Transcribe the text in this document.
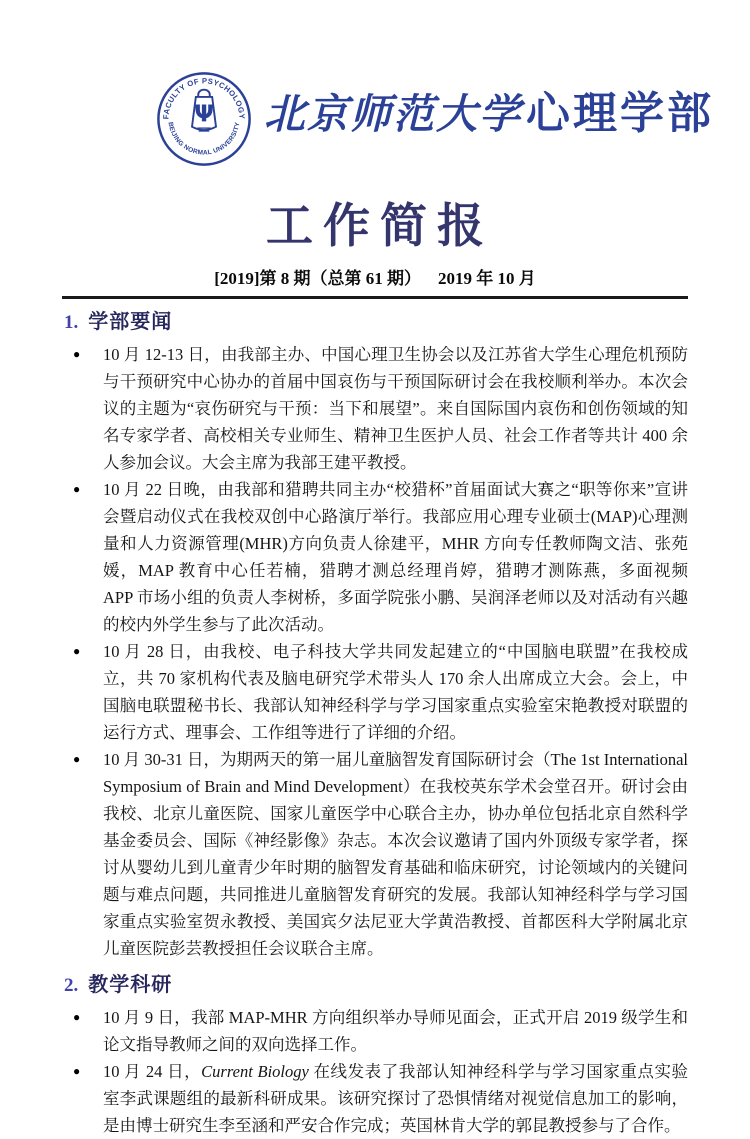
FACULTY OF PSYCHOLOGY
BEIJING NORMAL UNIVERSITY
Ψ 北京师范大学 心理学部
工作简报
[2019]第 8 期（总第 61 期）    2019 年 10 月
1. 学部要闻
● 10 月 12-13 日，由我部主办、中国心理卫生协会以及江苏省大学生心理危机预防与干预研究中心协办的首届中国哀伤与干预国际研讨会在我校顺利举办。本次会议的主题为“哀伤研究与干预：当下和展望”。来自国际国内哀伤和创伤领域的知名专家学者、高校相关专业师生、精神卫生医护人员、社会工作者等共计 400 余人参加会议。大会主席为我部王建平教授。
● 10 月 22 日晚，由我部和猎聘共同主办“校猎杯”首届面试大赛之“职等你来”宣讲会暨启动仪式在我校双创中心路演厅举行。我部应用心理专业硕士(MAP)心理测量和人力资源管理(MHR)方向负责人徐建平，MHR 方向专任教师陶文洁、张苑媛，MAP 教育中心任若楠，猎聘才测总经理肖婷，猎聘才测陈燕，多面视频 APP 市场小组的负责人李树桥，多面学院张小鹏、吴润泽老师以及对活动有兴趣的校内外学生参与了此次活动。
● 10 月 28 日，由我校、电子科技大学共同发起建立的“中国脑电联盟”在我校成立，共 70 家机构代表及脑电研究学术带头人 170 余人出席成立大会。会上，中国脑电联盟秘书长、我部认知神经科学与学习国家重点实验室宋艳教授对联盟的运行方式、理事会、工作组等进行了详细的介绍。
● 10 月 30-31 日，为期两天的第一届儿童脑智发育国际研讨会（The 1st International Symposium of Brain and Mind Development）在我校英东学术会堂召开。研讨会由我校、北京儿童医院、国家儿童医学中心联合主办，协办单位包括北京自然科学基金委员会、国际《神经影像》杂志。本次会议邀请了国内外顶级专家学者，探讨从婴幼儿到儿童青少年时期的脑智发育基础和临床研究，讨论领域内的关键问题与难点问题，共同推进儿童脑智发育研究的发展。我部认知神经科学与学习国家重点实验室贺永教授、美国宾夕法尼亚大学黄浩教授、首都医科大学附属北京儿童医院彭芸教授担任会议联合主席。
2. 教学科研
● 10 月 9 日，我部 MAP-MHR 方向组织举办导师见面会，正式开启 2019 级学生和论文指导教师之间的双向选择工作。
● 10 月 24 日，Current Biology 在线发表了我部认知神经科学与学习国家重点实验室李武课题组的最新科研成果。该研究探讨了恐惧情绪对视觉信息加工的影响，是由博士研究生李至涵和严安合作完成；英国林肯大学的郭昆教授参与了合作。
